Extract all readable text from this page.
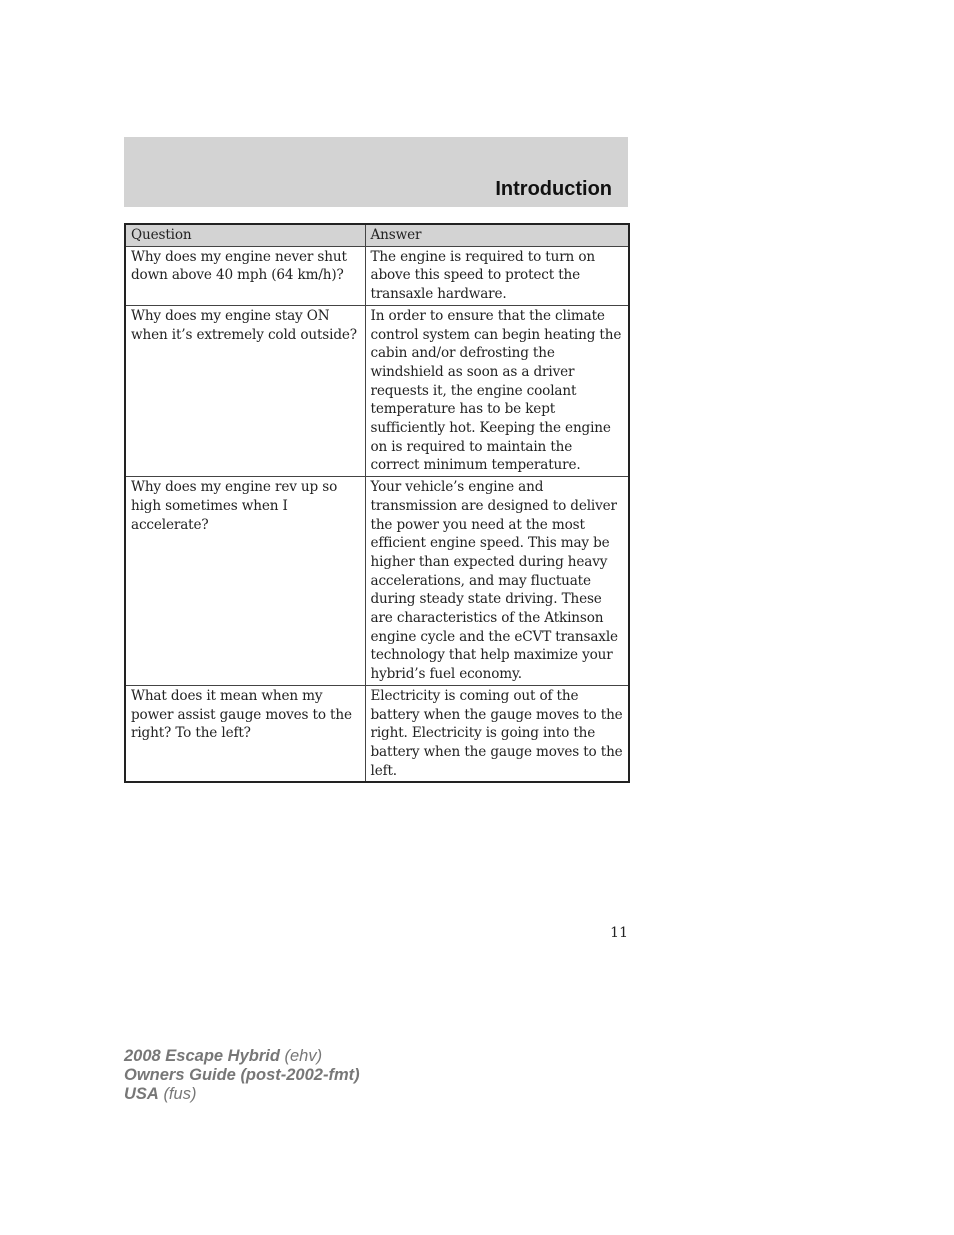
Introduction
Question	Answer
Why does my engine never shut down above 40 mph (64 km/h)?	The engine is required to turn on above this speed to protect the transaxle hardware.
Why does my engine stay ON when it’s extremely cold outside?	In order to ensure that the climate control system can begin heating the cabin and/or defrosting the windshield as soon as a driver requests it, the engine coolant temperature has to be kept sufficiently hot. Keeping the engine on is required to maintain the correct minimum temperature.
Why does my engine rev up so high sometimes when I accelerate?	Your vehicle’s engine and transmission are designed to deliver the power you need at the most efficient engine speed. This may be higher than expected during heavy accelerations, and may fluctuate during steady state driving. These are characteristics of the Atkinson engine cycle and the eCVT transaxle technology that help maximize your hybrid’s fuel economy.
What does it mean when my power assist gauge moves to the right? To the left?	Electricity is coming out of the battery when the gauge moves to the right. Electricity is going into the battery when the gauge moves to the left.
11
2008 Escape Hybrid (ehv)
Owners Guide (post-2002-fmt)
USA (fus)
